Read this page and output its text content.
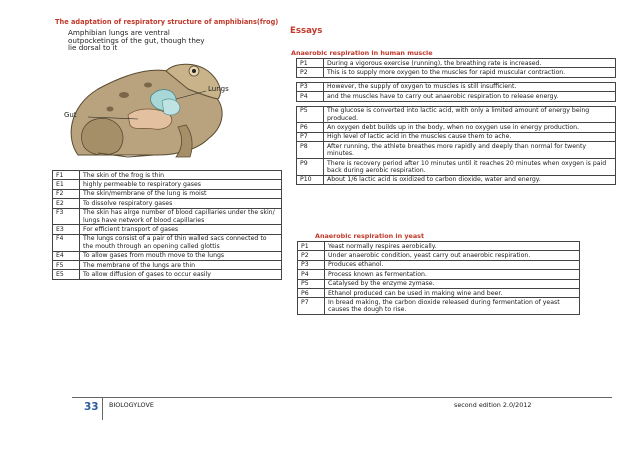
The adaptation of respiratory structure of amphibians(frog)
Amphibian lungs are ventral outpocketings of the gut, though they lie dorsal to it
Lungs
Gut
F1	The skin of the frog is thin
E1	highly permeable to respiratory gases
F2	The skin/membrane of the lung is moist
E2	To dissolve respiratory gases
F3	The skin has alrge number of blood capillaries under the skin/ lungs have network of blood capillaries
E3	For efficient transport of gases
F4	The lungs consist of a pair of thin walled sacs connected to the mouth through an opening called glottis
E4	To allow gases from mouth move to the lungs
F5	The membrane of the lungs are thin
E5	To allow diffusion of gases to occur easily
Essays
Anaerobic respiration in human muscle
P1	During a vigorous exercise (running), the breathing rate is increased.
P2	This is to supply more oxygen to the muscles for rapid muscular contraction.

P3	However, the supply of oxygen to muscles is still insufficient.
P4	and the muscles have to carry out anaerobic respiration to release energy.

P5	The glucose is converted into lactic acid, with only a limited amount of energy being produced.
P6	An oxygen debt builds up in the body, when no oxygen use in energy production.
P7	High level of lactic acid in the muscles cause them to ache.
P8	After running, the athlete breathes more rapidly and deeply than normal for twenty minutes.
P9	There is recovery period after 10 minutes until it reaches 20 minutes when oxygen is paid back during aerobic respiration.
P10	About 1/6 lactic acid is oxidized to carbon dioxide, water and energy.
Anaerobic respiration in yeast
P1	Yeast normally respires aerobically.
P2	Under anaerobic condition, yeast carry out anaerobic respiration.
P3	Produces ethanol.
P4	Process known as fermentation.
P5	Catalysed by the enzyme zymase.
P6	Ethanol produced can be used in making wine and beer.
P7	In bread making, the carbon dioxide released during fermentation of yeast causes the dough to rise.
33 BIOLOGYLOVE	second edition 2.0/2012
